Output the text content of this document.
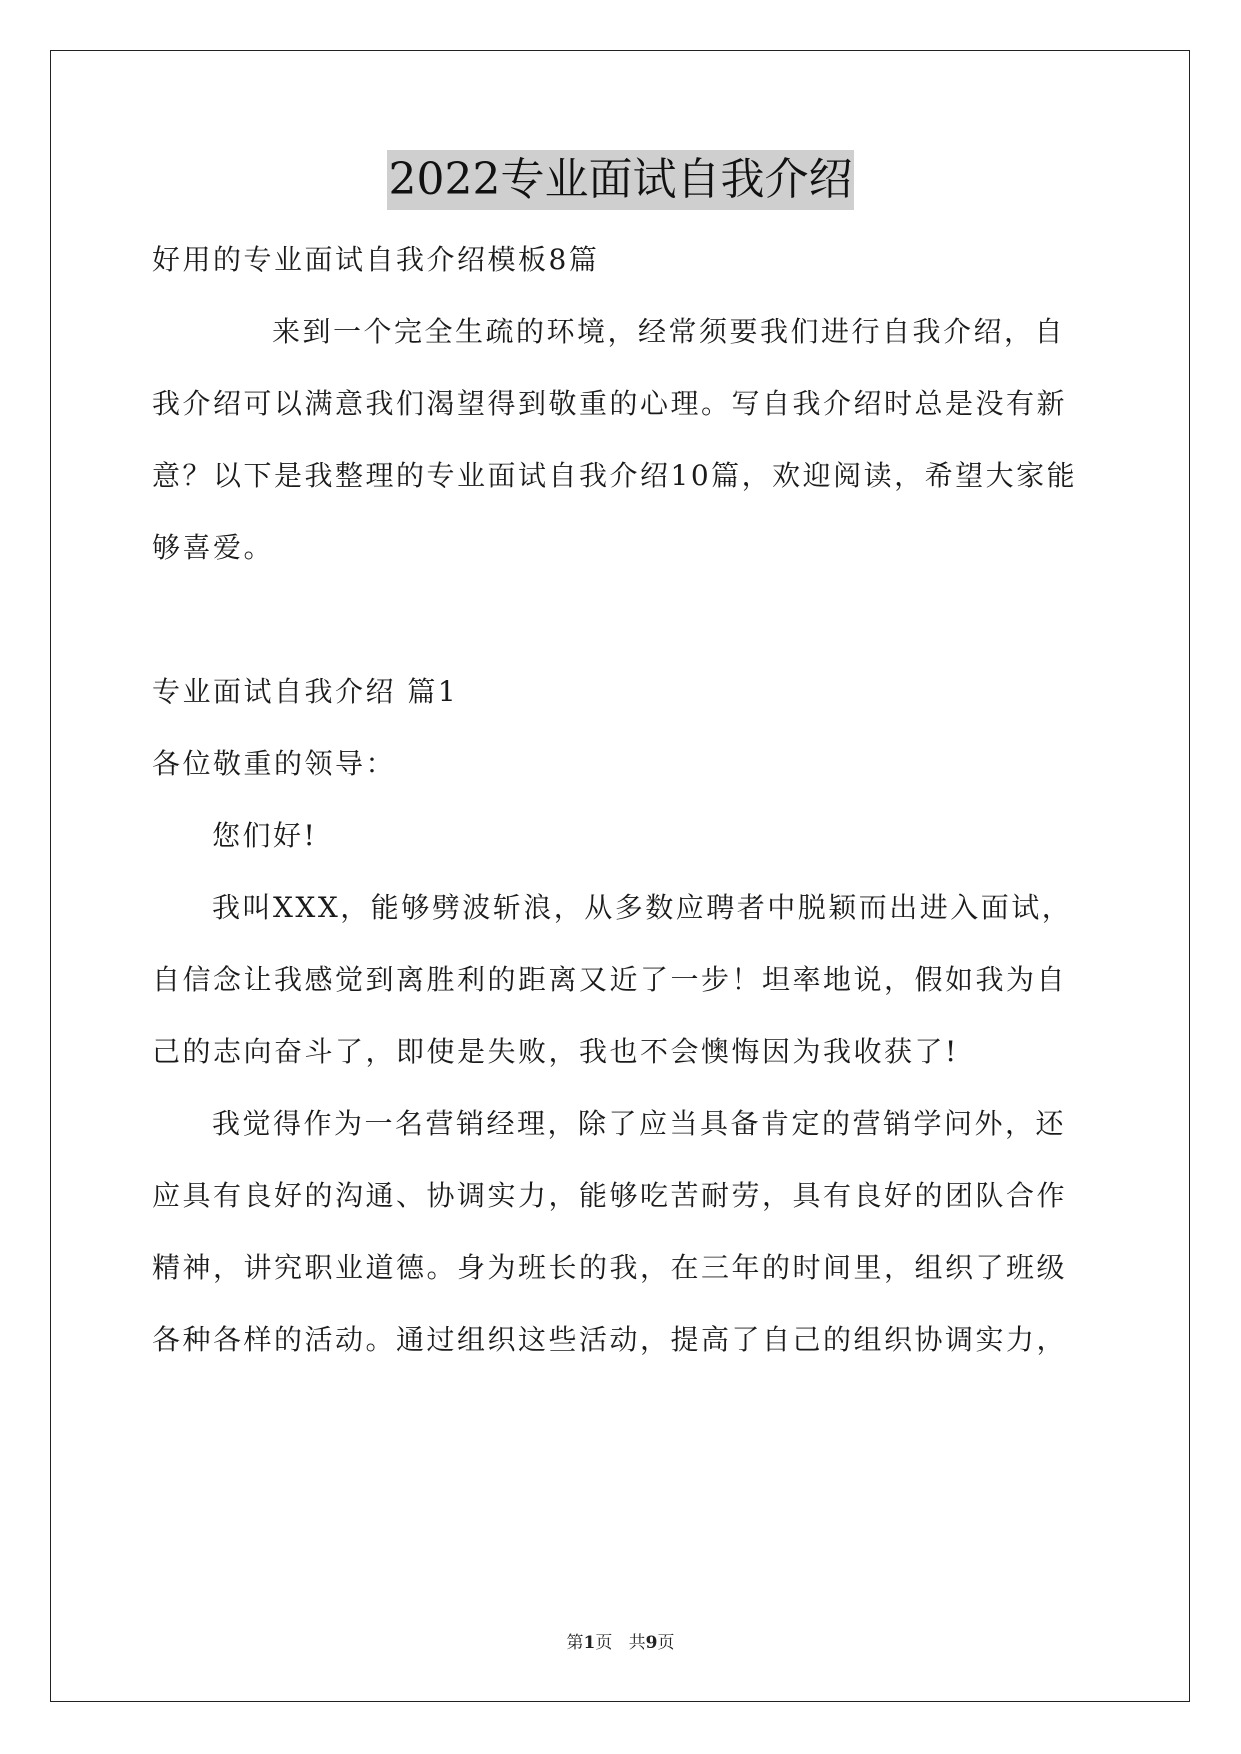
2022专业面试自我介绍
好用的专业面试自我介绍模板8篇
来到一个完全生疏的环境，经常须要我们进行自我介绍，自
我介绍可以满意我们渴望得到敬重的心理。写自我介绍时总是没有新
意？以下是我整理的专业面试自我介绍10篇，欢迎阅读，希望大家能
够喜爱。
专业面试自我介绍 篇1
各位敬重的领导：
您们好!
我叫XXX，能够劈波斩浪，从多数应聘者中脱颖而出进入面试，
自信念让我感觉到离胜利的距离又近了一步！坦率地说，假如我为自
己的志向奋斗了，即使是失败，我也不会懊悔因为我收获了!
我觉得作为一名营销经理，除了应当具备肯定的营销学问外，还
应具有良好的沟通、协调实力，能够吃苦耐劳，具有良好的团队合作
精神，讲究职业道德。身为班长的我，在三年的时间里，组织了班级
各种各样的活动。通过组织这些活动，提高了自己的组织协调实力，
第1页   共9页
